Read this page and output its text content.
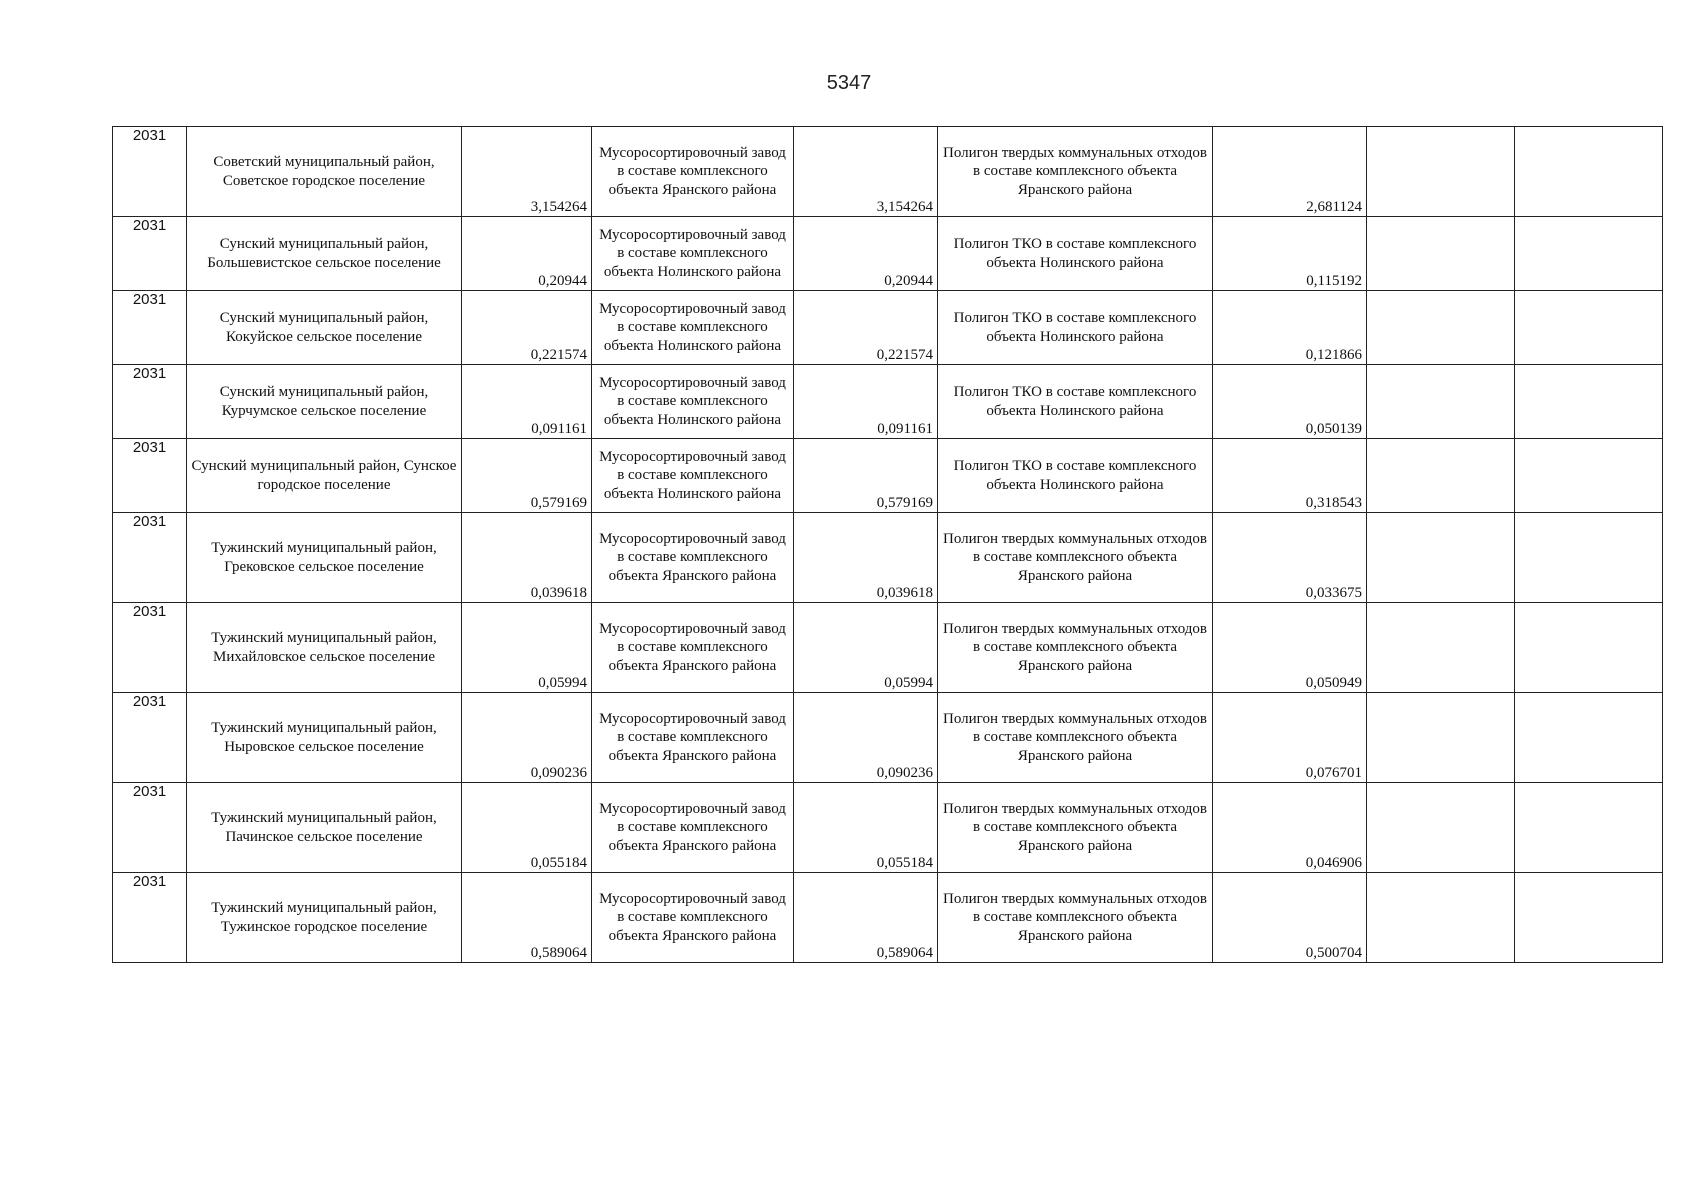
5347
2031	Советский муниципальный район, Советское городское поселение	3,154264	Мусоросортировочный завод в составе комплексного объекта Яранского района	3,154264	Полигон твердых коммунальных отходов в составе комплексного объекта Яранского района	2,681124		
2031	Сунский муниципальный район, Большевистское сельское поселение	0,20944	Мусоросортировочный завод в составе комплексного объекта Нолинского района	0,20944	Полигон ТКО в составе комплексного объекта Нолинского района	0,115192		
2031	Сунский муниципальный район, Кокуйское сельское поселение	0,221574	Мусоросортировочный завод в составе комплексного объекта Нолинского района	0,221574	Полигон ТКО в составе комплексного объекта Нолинского района	0,121866		
2031	Сунский муниципальный район, Курчумское сельское поселение	0,091161	Мусоросортировочный завод в составе комплексного объекта Нолинского района	0,091161	Полигон ТКО в составе комплексного объекта Нолинского района	0,050139		
2031	Сунский муниципальный район, Сунское городское поселение	0,579169	Мусоросортировочный завод в составе комплексного объекта Нолинского района	0,579169	Полигон ТКО в составе комплексного объекта Нолинского района	0,318543		
2031	Тужинский муниципальный район, Грековское сельское поселение	0,039618	Мусоросортировочный завод в составе комплексного объекта Яранского района	0,039618	Полигон твердых коммунальных отходов в составе комплексного объекта Яранского района	0,033675		
2031	Тужинский муниципальный район, Михайловское сельское поселение	0,05994	Мусоросортировочный завод в составе комплексного объекта Яранского района	0,05994	Полигон твердых коммунальных отходов в составе комплексного объекта Яранского района	0,050949		
2031	Тужинский муниципальный район, Ныровское сельское поселение	0,090236	Мусоросортировочный завод в составе комплексного объекта Яранского района	0,090236	Полигон твердых коммунальных отходов в составе комплексного объекта Яранского района	0,076701		
2031	Тужинский муниципальный район, Пачинское сельское поселение	0,055184	Мусоросортировочный завод в составе комплексного объекта Яранского района	0,055184	Полигон твердых коммунальных отходов в составе комплексного объекта Яранского района	0,046906		
2031	Тужинский муниципальный район, Тужинское городское поселение	0,589064	Мусоросортировочный завод в составе комплексного объекта Яранского района	0,589064	Полигон твердых коммунальных отходов в составе комплексного объекта Яранского района	0,500704		
